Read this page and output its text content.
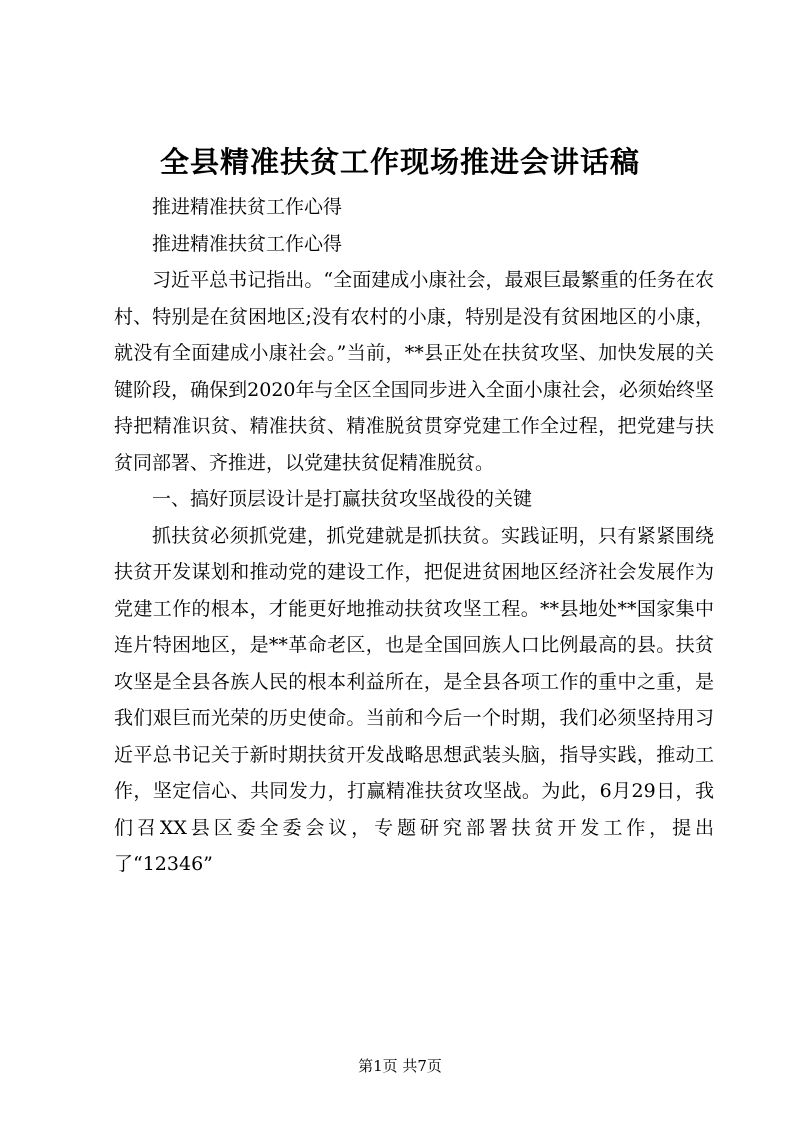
全县精准扶贫工作现场推进会讲话稿

推进精准扶贫工作心得

推进精准扶贫工作心得

习近平总书记指出。“全面建成小康社会，最艰巨最繁重的任务在农村、特别是在贫困地区;没有农村的小康，特别是没有贫困地区的小康，就没有全面建成小康社会。”当前，**县正处在扶贫攻坚、加快发展的关键阶段，确保到2020年与全区全国同步进入全面小康社会，必须始终坚持把精准识贫、精准扶贫、精准脱贫贯穿党建工作全过程，把党建与扶贫同部署、齐推进，以党建扶贫促精准脱贫。

一、搞好顶层设计是打赢扶贫攻坚战役的关键

抓扶贫必须抓党建，抓党建就是抓扶贫。实践证明，只有紧紧围绕扶贫开发谋划和推动党的建设工作，把促进贫困地区经济社会发展作为党建工作的根本，才能更好地推动扶贫攻坚工程。**县地处**国家集中连片特困地区，是**革命老区，也是全国回族人口比例最高的县。扶贫攻坚是全县各族人民的根本利益所在，是全县各项工作的重中之重，是我们艰巨而光荣的历史使命。当前和今后一个时期，我们必须坚持用习近平总书记关于新时期扶贫开发战略思想武装头脑，指导实践，推动工作，坚定信心、共同发力，打赢精准扶贫攻坚战。为此，6月29日，我们召XX县区委全委会议，专题研究部署扶贫开发工作，提出了“12346”

第1页 共7页
